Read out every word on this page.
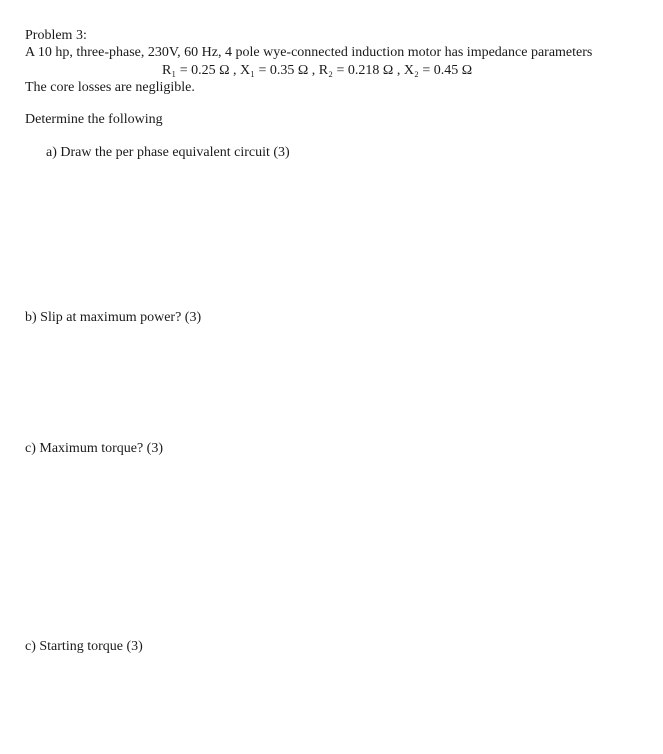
Problem 3:
A 10 hp, three-phase, 230V, 60 Hz, 4 pole wye-connected induction motor has impedance parameters
R₁ = 0.25 Ω , X₁ = 0.35 Ω , R₂ = 0.218 Ω , X₂ = 0.45 Ω
The core losses are negligible.
Determine the following
a) Draw the per phase equivalent circuit (3)
b) Slip at maximum power? (3)
c) Maximum torque? (3)
c) Starting torque (3)
